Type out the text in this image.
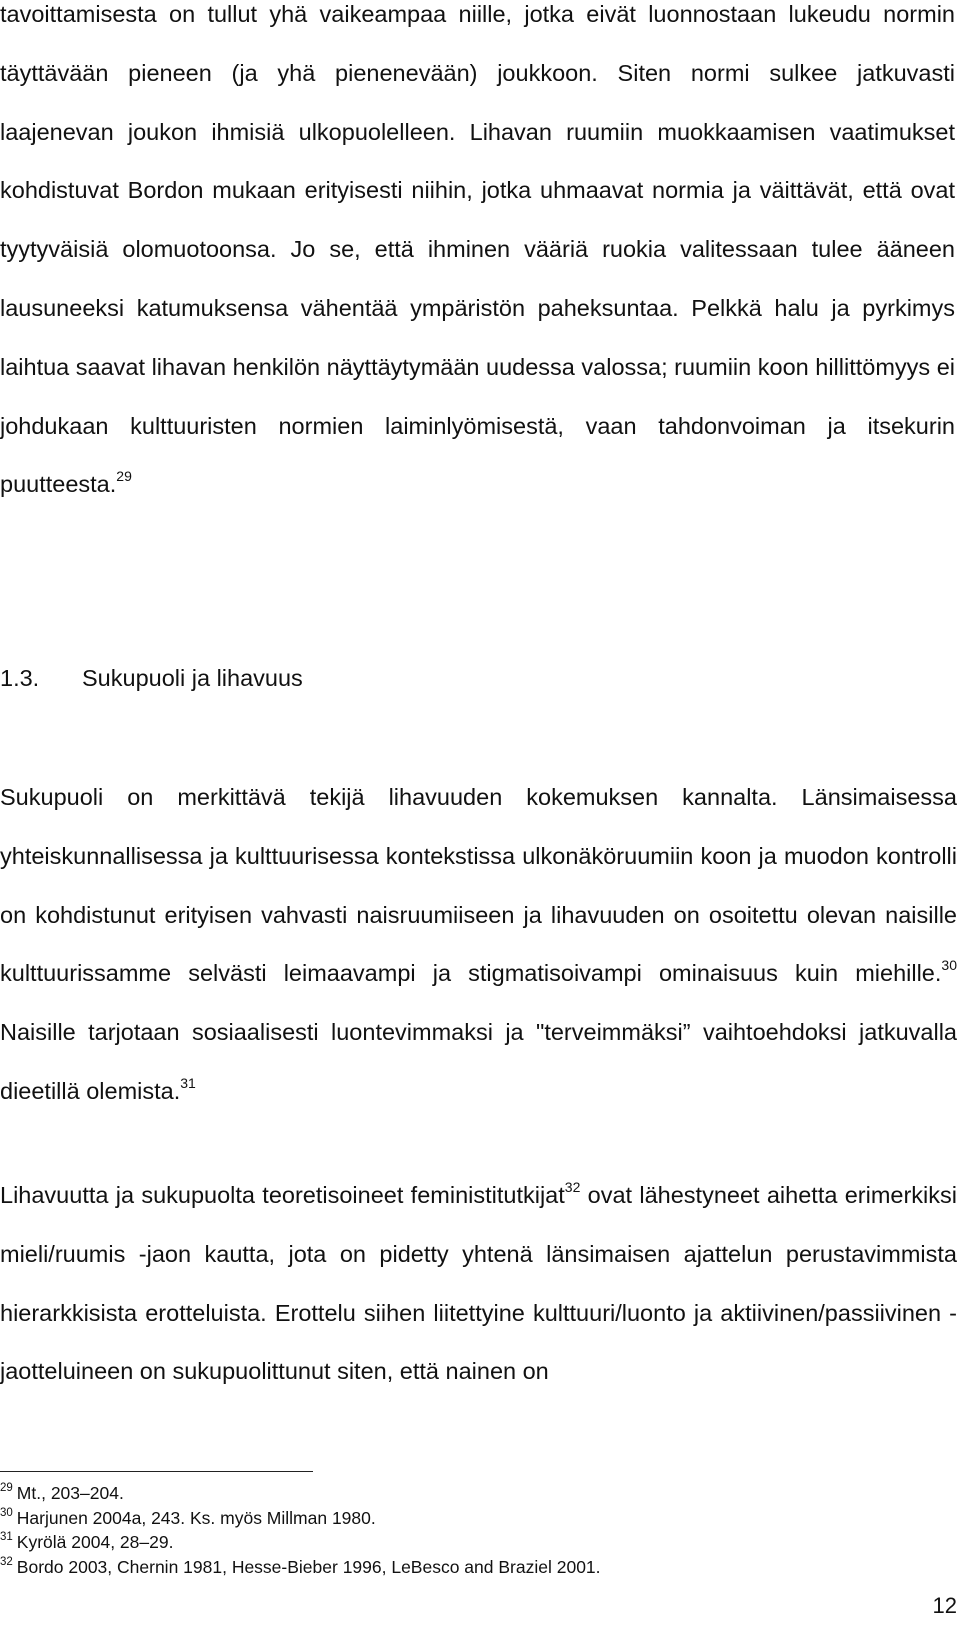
tavoittamisesta on tullut yhä vaikeampaa niille, jotka eivät luonnostaan lukeudu normin täyttävään pieneen (ja yhä pienenevään) joukkoon. Siten normi sulkee jatkuvasti laajenevan joukon ihmisiä ulkopuolelleen. Lihavan ruumiin muokkaamisen vaatimukset kohdistuvat Bordon mukaan erityisesti niihin, jotka uhmaavat normia ja väittävät, että ovat tyytyväisiä olomuotoonsa. Jo se, että ihminen vääriä ruokia valitessaan tulee ääneen lausuneeksi katumuksensa vähentää ympäristön paheksuntaa. Pelkkä halu ja pyrkimys laihtua saavat lihavan henkilön näyttäytymään uudessa valossa; ruumiin koon hillittömyys ei johdukaan kulttuuristen normien laiminlyömisestä, vaan tahdonvoiman ja itsekurin puutteesta.$^{29}$

1.3. Sukupuoli ja lihavuus

Sukupuoli on merkittävä tekijä lihavuuden kokemuksen kannalta. Länsimaisessa yhteiskunnallisessa ja kulttuurisessa kontekstissa ulkonäköruumiin koon ja muodon kontrolli on kohdistunut erityisen vahvasti naisruumiiseen ja lihavuuden on osoitettu olevan naisille kulttuurissamme selvästi leimaavampi ja stigmatisoivampi ominaisuus kuin miehille.$^{30}$ Naisille tarjotaan sosiaalisesti luontevimmaksi ja "terveimmäksi” vaihtoehdoksi jatkuvalla dieetillä olemista.$^{31}$

Lihavuutta ja sukupuolta teoretisoineet feministitutkijat$^{32}$ ovat lähestyneet aihetta erimerkiksi mieli/ruumis -jaon kautta, jota on pidetty yhtenä länsimaisen ajattelun perustavimmista hierarkkisista erotteluista. Erottelu siihen liitettyine kulttuuri/luonto ja aktiivinen/passiivinen -jaotteluineen on sukupuolittunut siten, että nainen on

$^{29}$ Mt., 203–204.
$^{30}$ Harjunen 2004a, 243. Ks. myös Millman 1980.
$^{31}$ Kyrölä 2004, 28–29.
$^{32}$ Bordo 2003, Chernin 1981, Hesse-Bieber 1996, LeBesco and Braziel 2001.
12
